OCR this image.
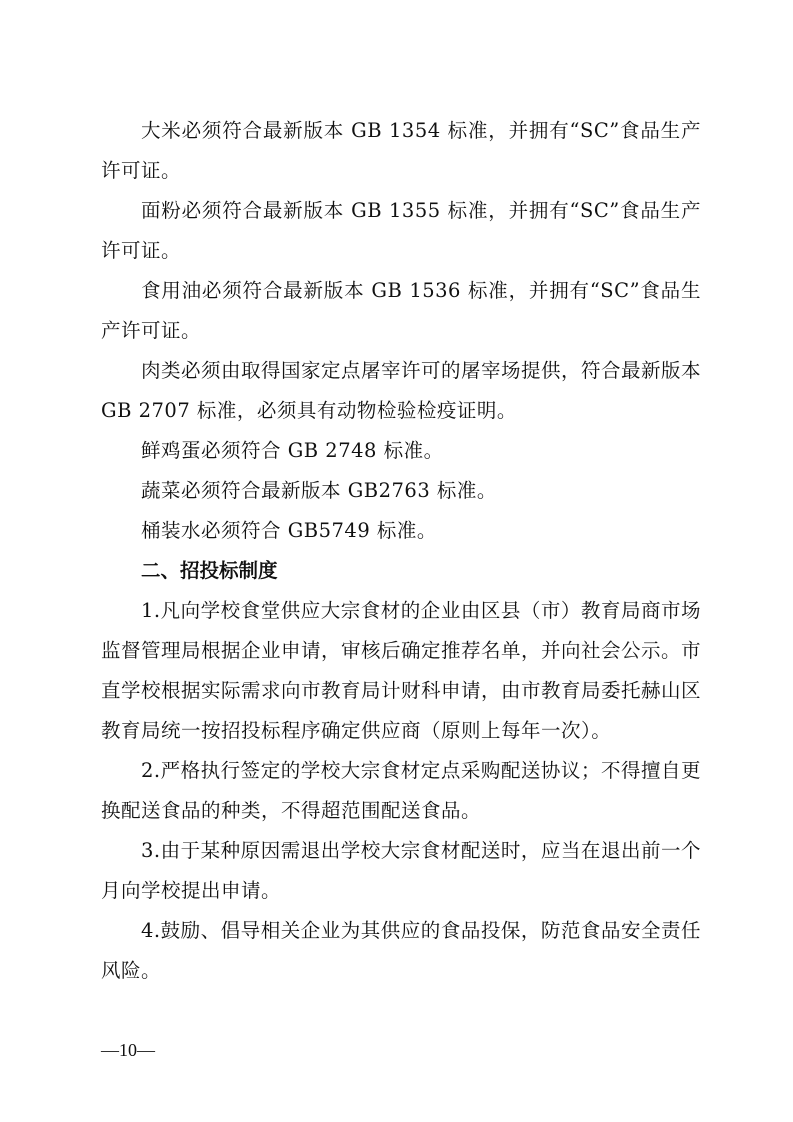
大米必须符合最新版本 GB 1354 标准，并拥有“SC”食品生产许可证。

面粉必须符合最新版本 GB 1355 标准，并拥有“SC”食品生产许可证。

食用油必须符合最新版本 GB 1536 标准，并拥有“SC”食品生产许可证。

肉类必须由取得国家定点屠宰许可的屠宰场提供，符合最新版本 GB 2707 标准，必须具有动物检验检疫证明。

鲜鸡蛋必须符合 GB 2748 标准。

蔬菜必须符合最新版本 GB2763 标准。

桶装水必须符合 GB5749 标准。

二、招投标制度

1.凡向学校食堂供应大宗食材的企业由区县（市）教育局商市场监督管理局根据企业申请，审核后确定推荐名单，并向社会公示。市直学校根据实际需求向市教育局计财科申请，由市教育局委托赫山区教育局统一按招投标程序确定供应商（原则上每年一次）。

2.严格执行签定的学校大宗食材定点采购配送协议；不得擅自更换配送食品的种类，不得超范围配送食品。

3.由于某种原因需退出学校大宗食材配送时，应当在退出前一个月向学校提出申请。

4.鼓励、倡导相关企业为其供应的食品投保，防范食品安全责任风险。

—10—
